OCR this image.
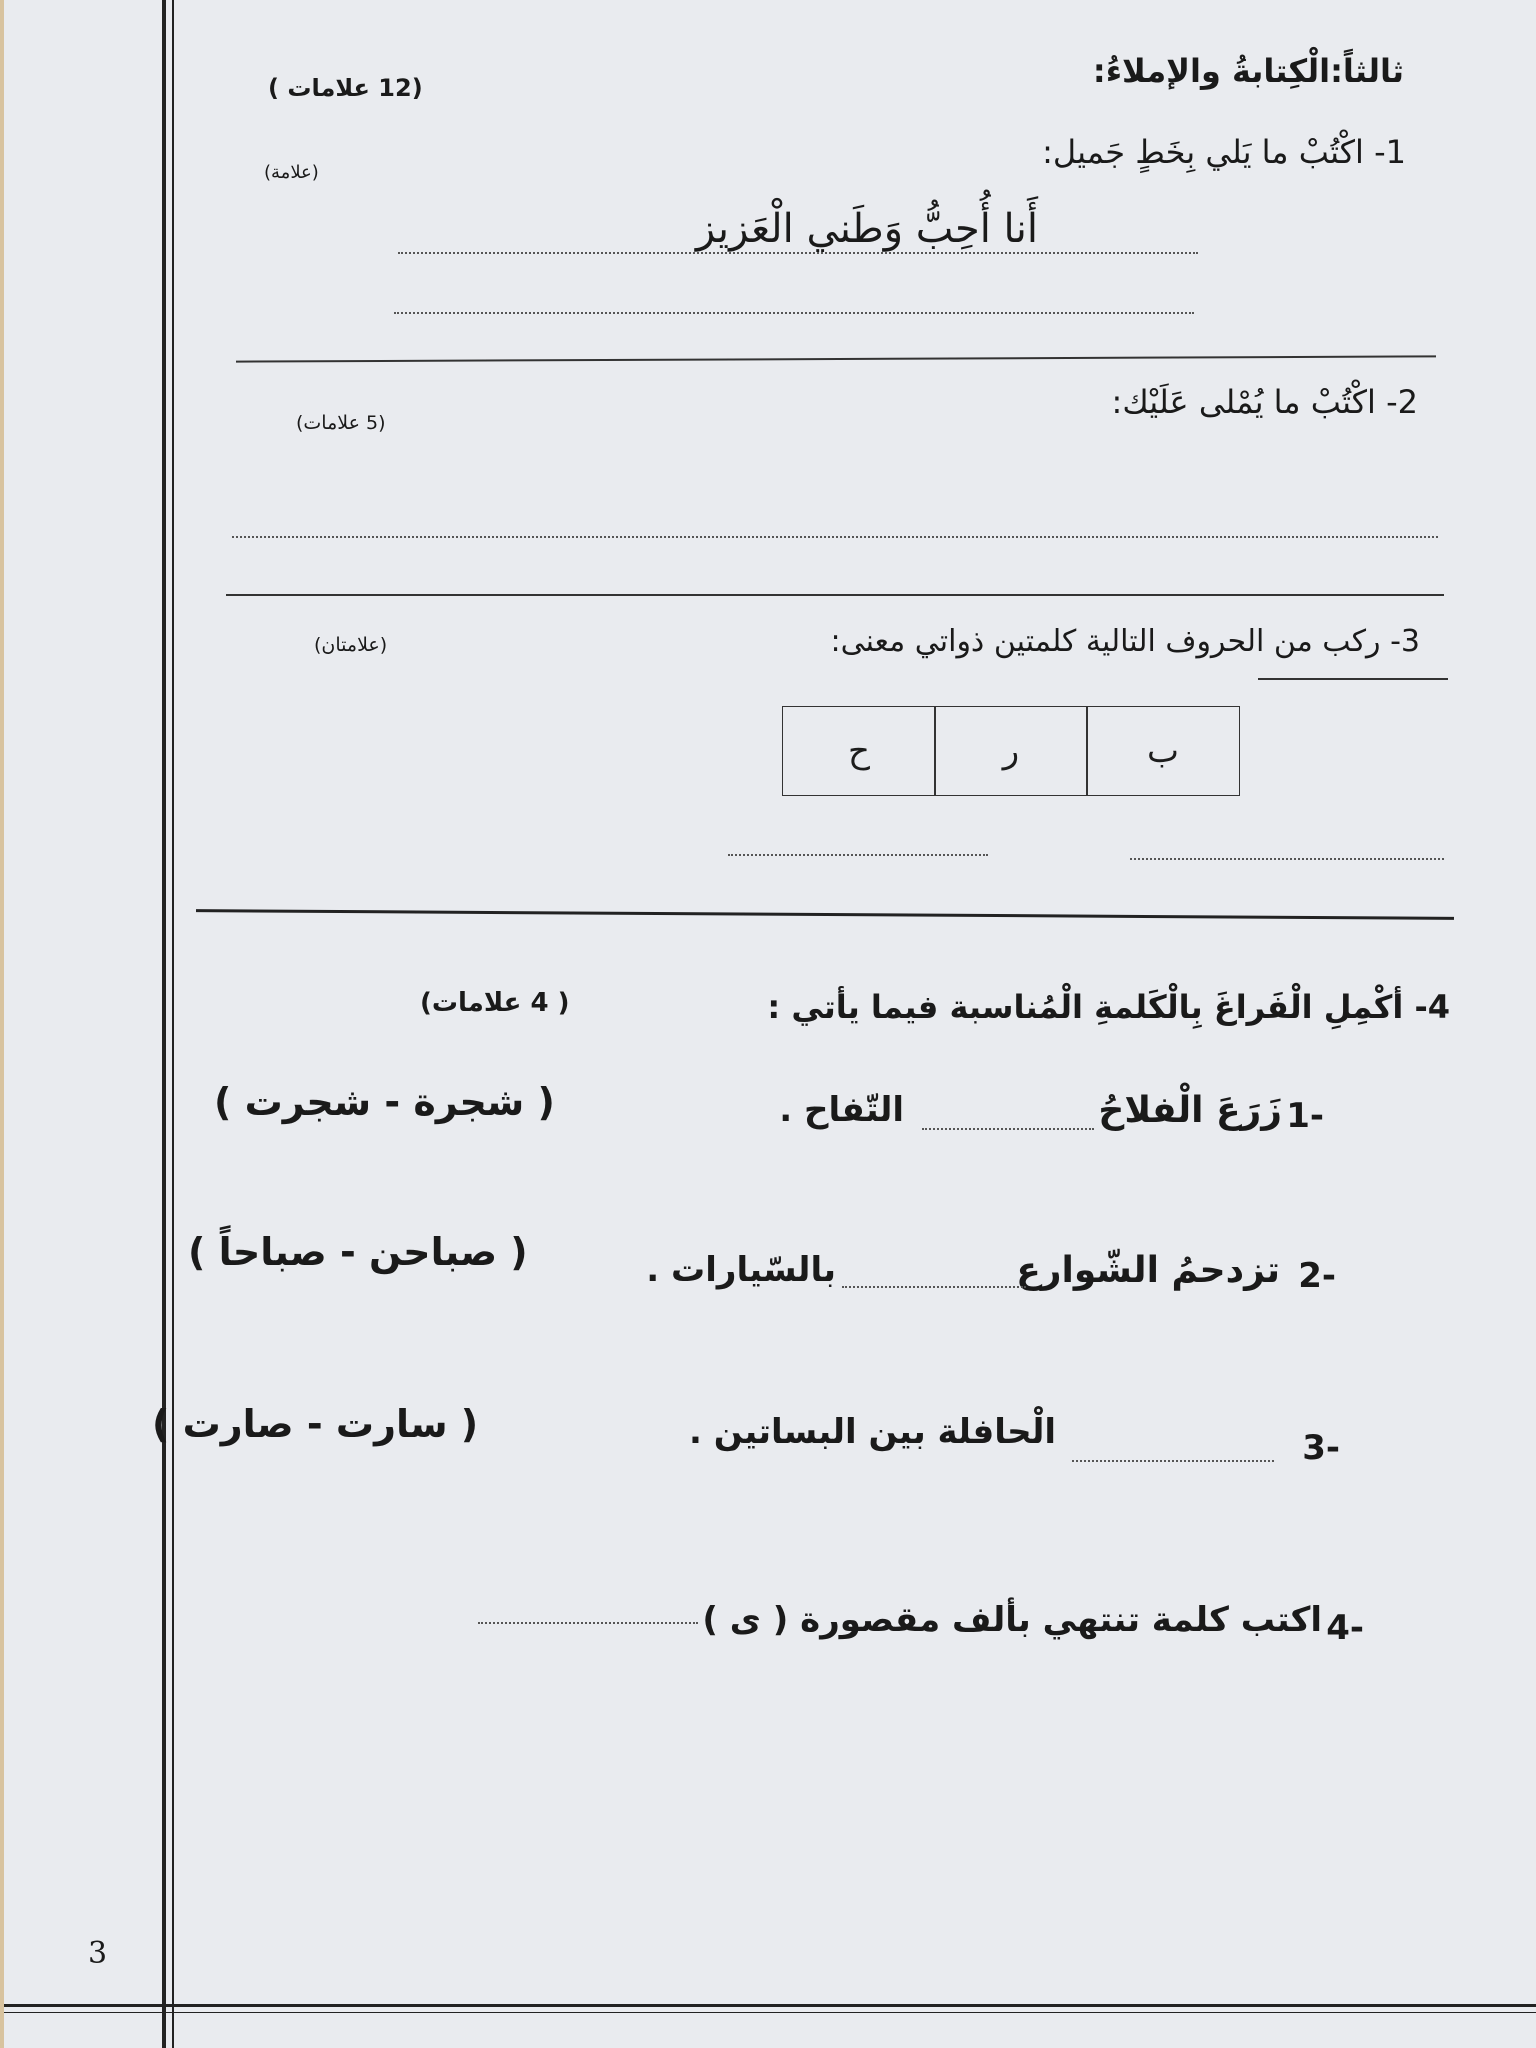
ثالثاً:الْكِتابةُ والإملاءُ:
(12 علامات )
1- اكْتُبْ ما يَلي بِخَطٍ جَميل:
(علامة)
أَنا أُحِبُّ وَطَني الْعَزيز
2- اكْتُبْ ما يُمْلى عَلَيْك:
(5 علامات)
3- ركب من الحروف التالية كلمتين ذواتي معنى:
(علامتان)
ب
ر
ح
4- أكْمِلِ الْفَراغَ بِالْكَلمةِ الْمُناسبة فيما يأتي :
( 4 علامات)
-1
زَرَعَ الْفلاحُ
التّفاح .
( شجرة - شجرت )
-2
تزدحمُ الشّوارع
بالسّيارات .
( صباحن - صباحاً )
-3
الْحافلة بين البساتين .
( سارت - صارت )
-4
اكتب كلمة تنتهي بألف مقصورة ( ى )
3
